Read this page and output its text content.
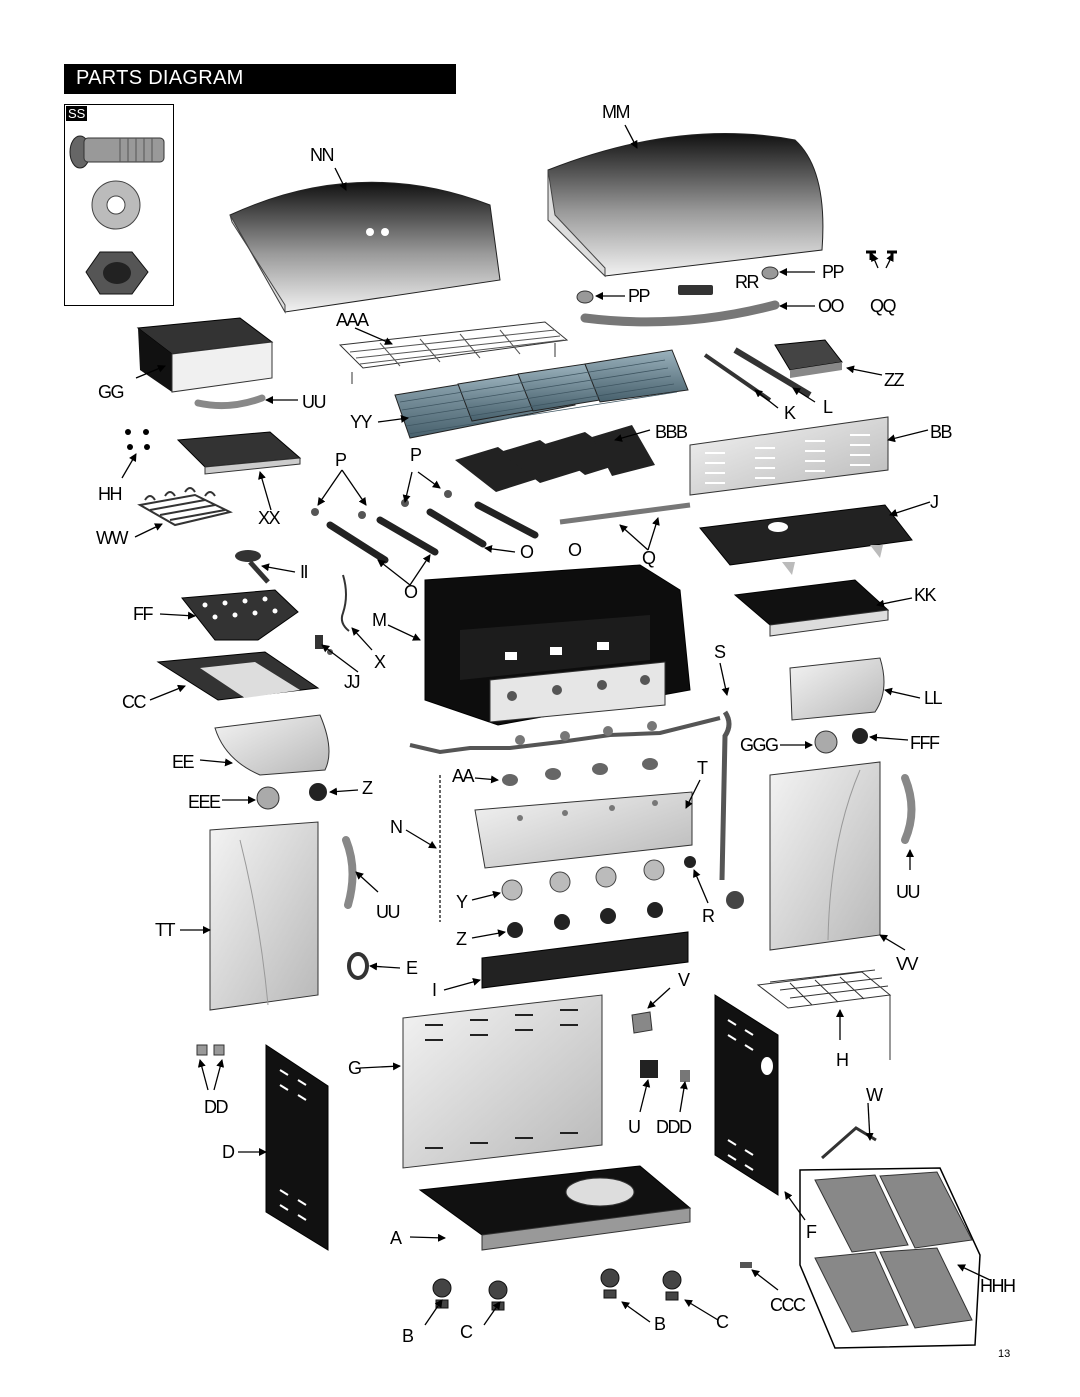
PARTS DIAGRAM
SS	MM
NN
PP
RR
PP	OO QQ
AAA
GG	UU
YY	K L
ZZ
BBB	BB
P	P
HH
XX
WW
J
O O	Q
II
O	KK
FF	M
X
JJ
S
CC	LL
GGG	FFF
EE
AA	T
Z
EEE
N
UU
UU
Y
R
TT	Z
VV
E
I	V
G	H
DD
W
U DDD
D
A	F
HHH
CCC
B	C	B	C
13
